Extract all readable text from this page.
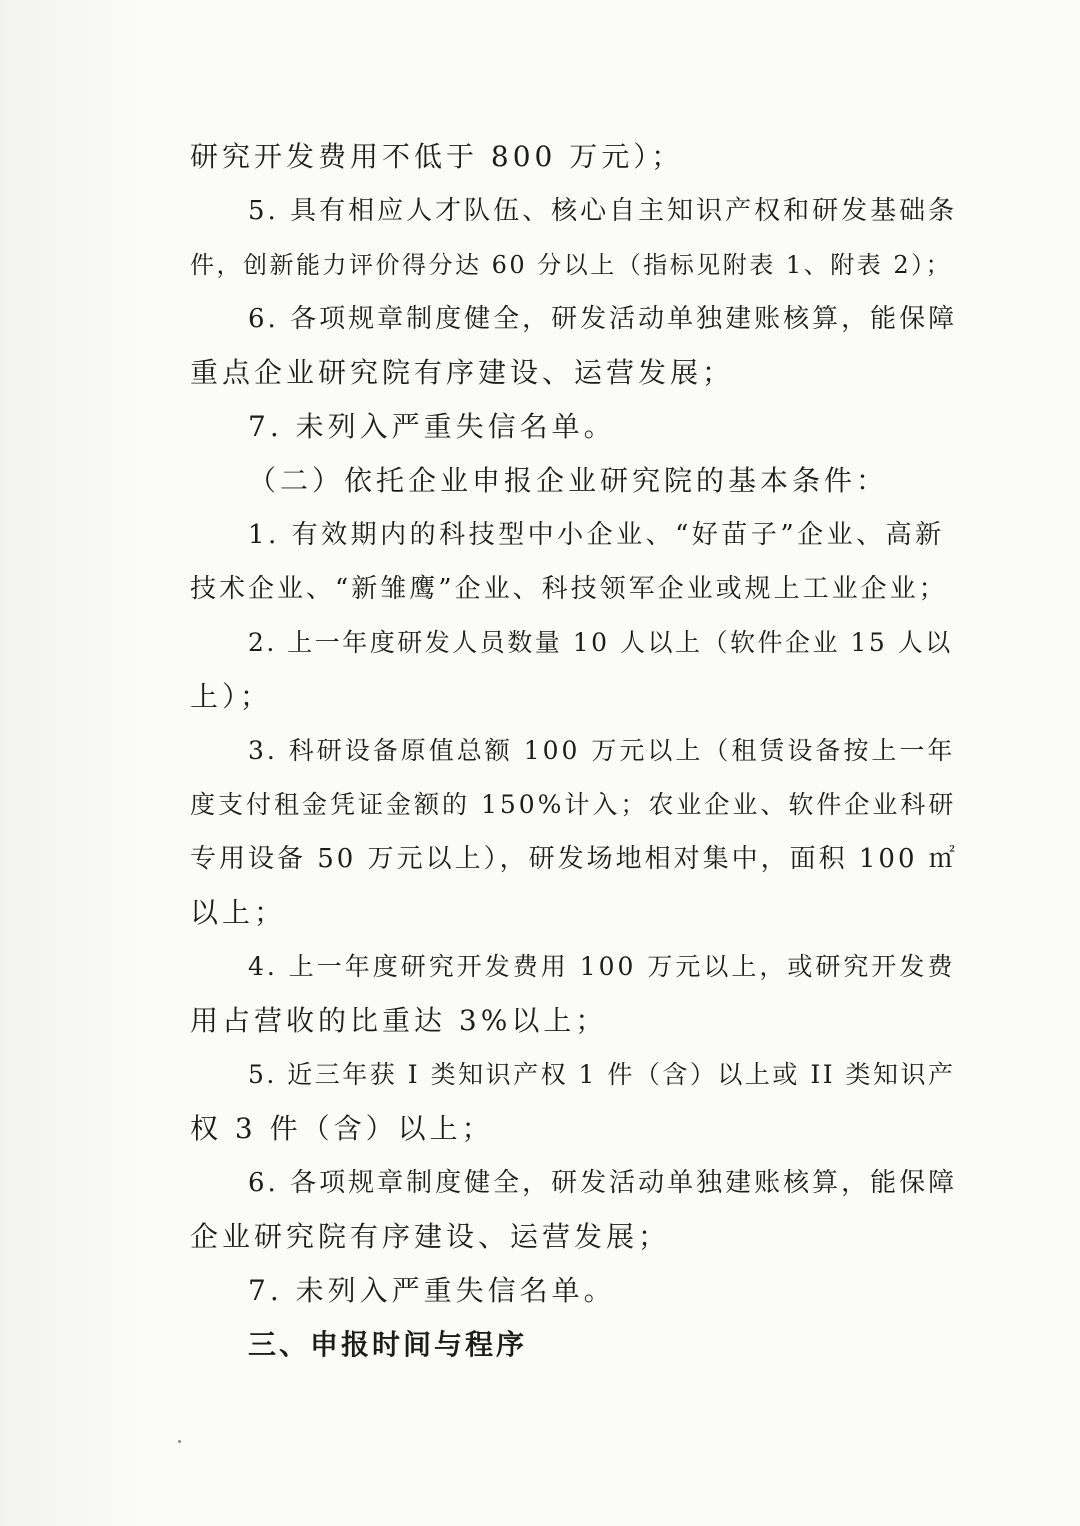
研究开发费用不低于 800 万元）；
5. 具有相应人才队伍、核心自主知识产权和研发基础条
件，创新能力评价得分达 60 分以上（指标见附表 1、附表 2）；
6. 各项规章制度健全，研发活动单独建账核算，能保障
重点企业研究院有序建设、运营发展；
7. 未列入严重失信名单。
（二）依托企业申报企业研究院的基本条件：
1. 有效期内的科技型中小企业、“好苗子”企业、高新
技术企业、“新雏鹰”企业、科技领军企业或规上工业企业；
2. 上一年度研发人员数量 10 人以上（软件企业 15 人以
上）；
3. 科研设备原值总额 100 万元以上（租赁设备按上一年
度支付租金凭证金额的 150%计入；农业企业、软件企业科研
专用设备 50 万元以上），研发场地相对集中，面积 100 ㎡
以上；
4. 上一年度研究开发费用 100 万元以上，或研究开发费
用占营收的比重达 3%以上；
5. 近三年获 I 类知识产权 1 件（含）以上或 II 类知识产
权 3 件（含）以上；
6. 各项规章制度健全，研发活动单独建账核算，能保障
企业研究院有序建设、运营发展；
7. 未列入严重失信名单。
三、申报时间与程序
